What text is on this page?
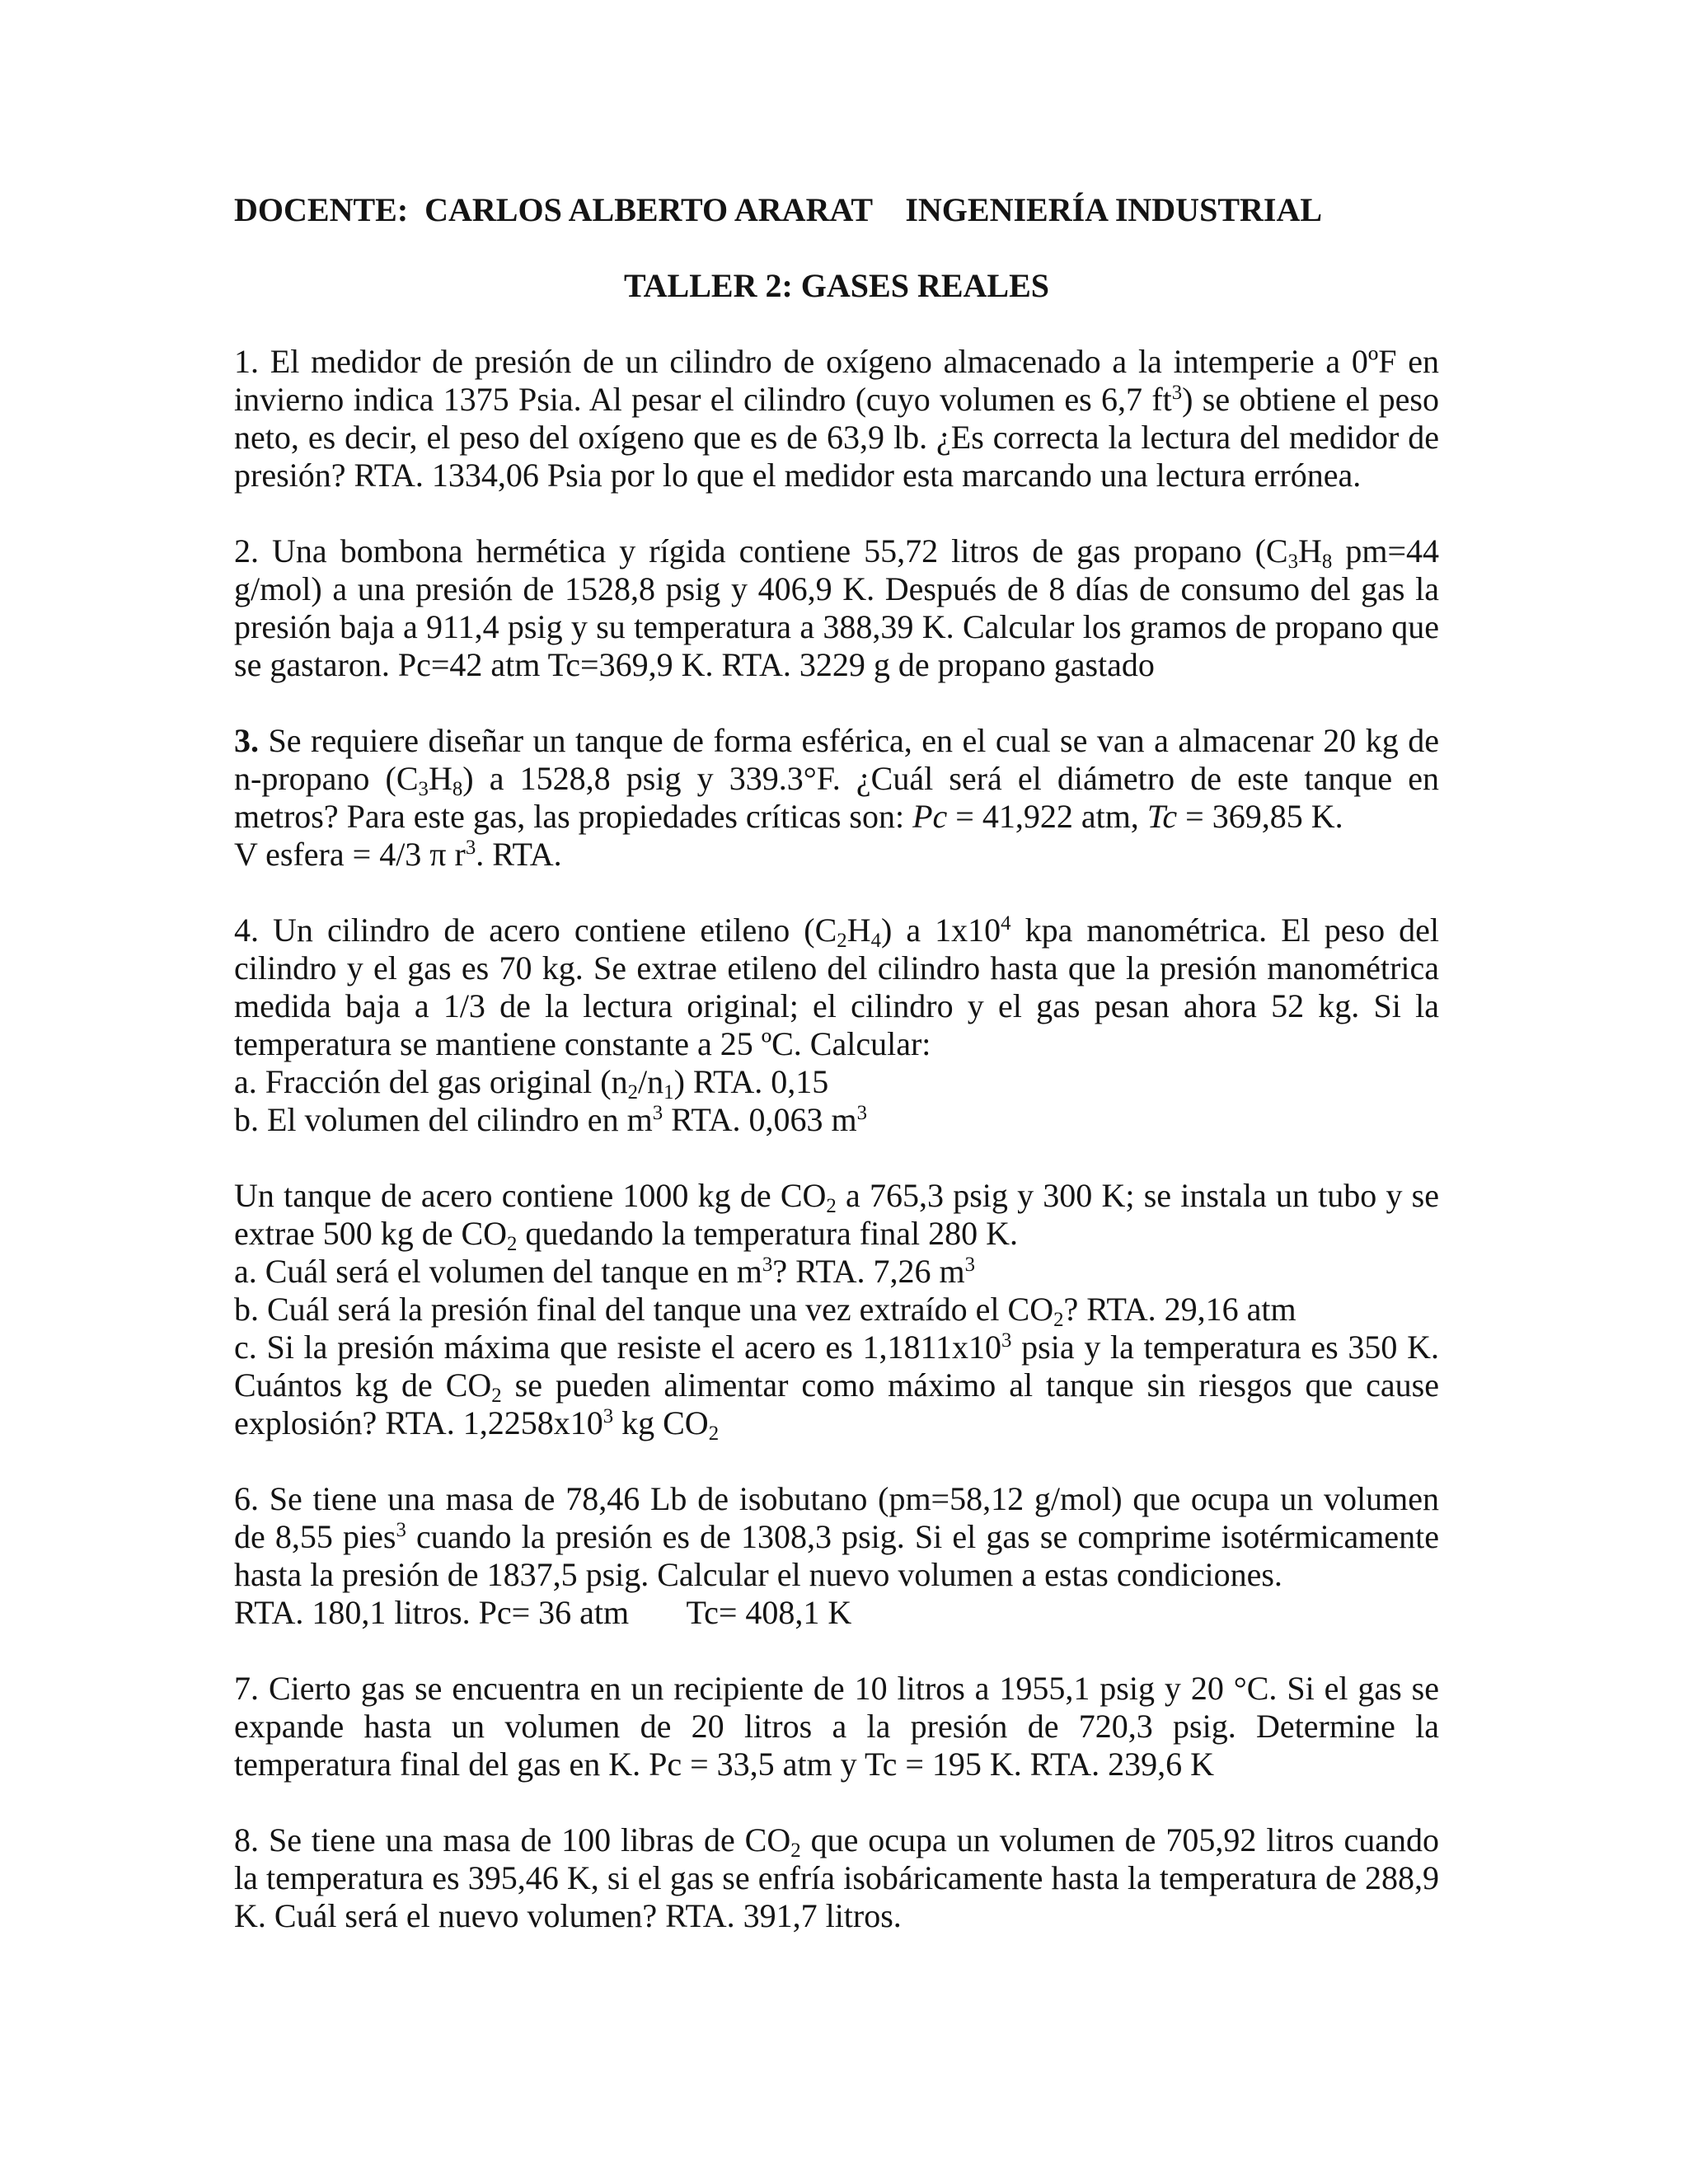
DOCENTE: CARLOS ALBERTO ARARAT INGENIERÍA INDUSTRIAL

TALLER 2: GASES REALES

1. El medidor de presión de un cilindro de oxígeno almacenado a la intemperie a 0ºF en invierno indica 1375 Psia. Al pesar el cilindro (cuyo volumen es 6,7 $ft^3$) se obtiene el peso neto, es decir, el peso del oxígeno que es de 63,9 lb. ¿Es correcta la lectura del medidor de presión? RTA. 1334,06 Psia por lo que el medidor esta marcando una lectura errónea.

2. Una bombona hermética y rígida contiene 55,72 litros de gas propano ($C_3H_8$ pm=44 g/mol) a una presión de 1528,8 psig y 406,9 K. Después de 8 días de consumo del gas la presión baja a 911,4 psig y su temperatura a 388,39 K. Calcular los gramos de propano que se gastaron. Pc=42 atm Tc=369,9 K. RTA. 3229 g de propano gastado

3. Se requiere diseñar un tanque de forma esférica, en el cual se van a almacenar 20 kg de n-propano $(C_3H_8)$ a 1528,8 psig y 339.3°F. ¿Cuál será el diámetro de este tanque en metros? Para este gas, las propiedades críticas son: Pc = 41,922 atm, Tc = 369,85 K.

V esfera = 4/3 π $r^3$. RTA.

4. Un cilindro de acero contiene etileno $(C_2H_4)$ a $1x10^4$ kpa manométrica. El peso del cilindro y el gas es 70 kg. Se extrae etileno del cilindro hasta que la presión manométrica medida baja a 1/3 de la lectura original; el cilindro y el gas pesan ahora 52 kg. Si la temperatura se mantiene constante a 25 ºC. Calcular:

a. Fracción del gas original $(n_2/n_1)$ RTA. 0,15

b. El volumen del cilindro en $m^3$ RTA. 0,063 $m^3$

Un tanque de acero contiene 1000 kg de $CO_2$ a 765,3 psig y 300 K; se instala un tubo y se extrae 500 kg de $CO_2$ quedando la temperatura final 280 K.

a. Cuál será el volumen del tanque en $m^3$? RTA. 7,26 $m^3$

b. Cuál será la presión final del tanque una vez extraído el $CO_2$? RTA. 29,16 atm

c. Si la presión máxima que resiste el acero es $1,1811x10^3$ psia y la temperatura es 350 K. Cuántos kg de $CO_2$ se pueden alimentar como máximo al tanque sin riesgos que cause explosión? RTA. $1,2258x10^3$ kg $CO_2$

6. Se tiene una masa de 78,46 Lb de isobutano (pm=58,12 g/mol) que ocupa un volumen de 8,55 pies$^3$ cuando la presión es de 1308,3 psig. Si el gas se comprime isotérmicamente hasta la presión de 1837,5 psig. Calcular el nuevo volumen a estas condiciones.

RTA. 180,1 litros. Pc= 36 atm       Tc= 408,1 K

7. Cierto gas se encuentra en un recipiente de 10 litros a 1955,1 psig y 20 °C. Si el gas se expande hasta un volumen de 20 litros a la presión de 720,3 psig. Determine la temperatura final del gas en K. Pc = 33,5 atm y Tc = 195 K. RTA. 239,6 K

8. Se tiene una masa de 100 libras de $CO_2$ que ocupa un volumen de 705,92 litros cuando la temperatura es 395,46 K, si el gas se enfría isobáricamente hasta la temperatura de 288,9 K. Cuál será el nuevo volumen? RTA. 391,7 litros.
